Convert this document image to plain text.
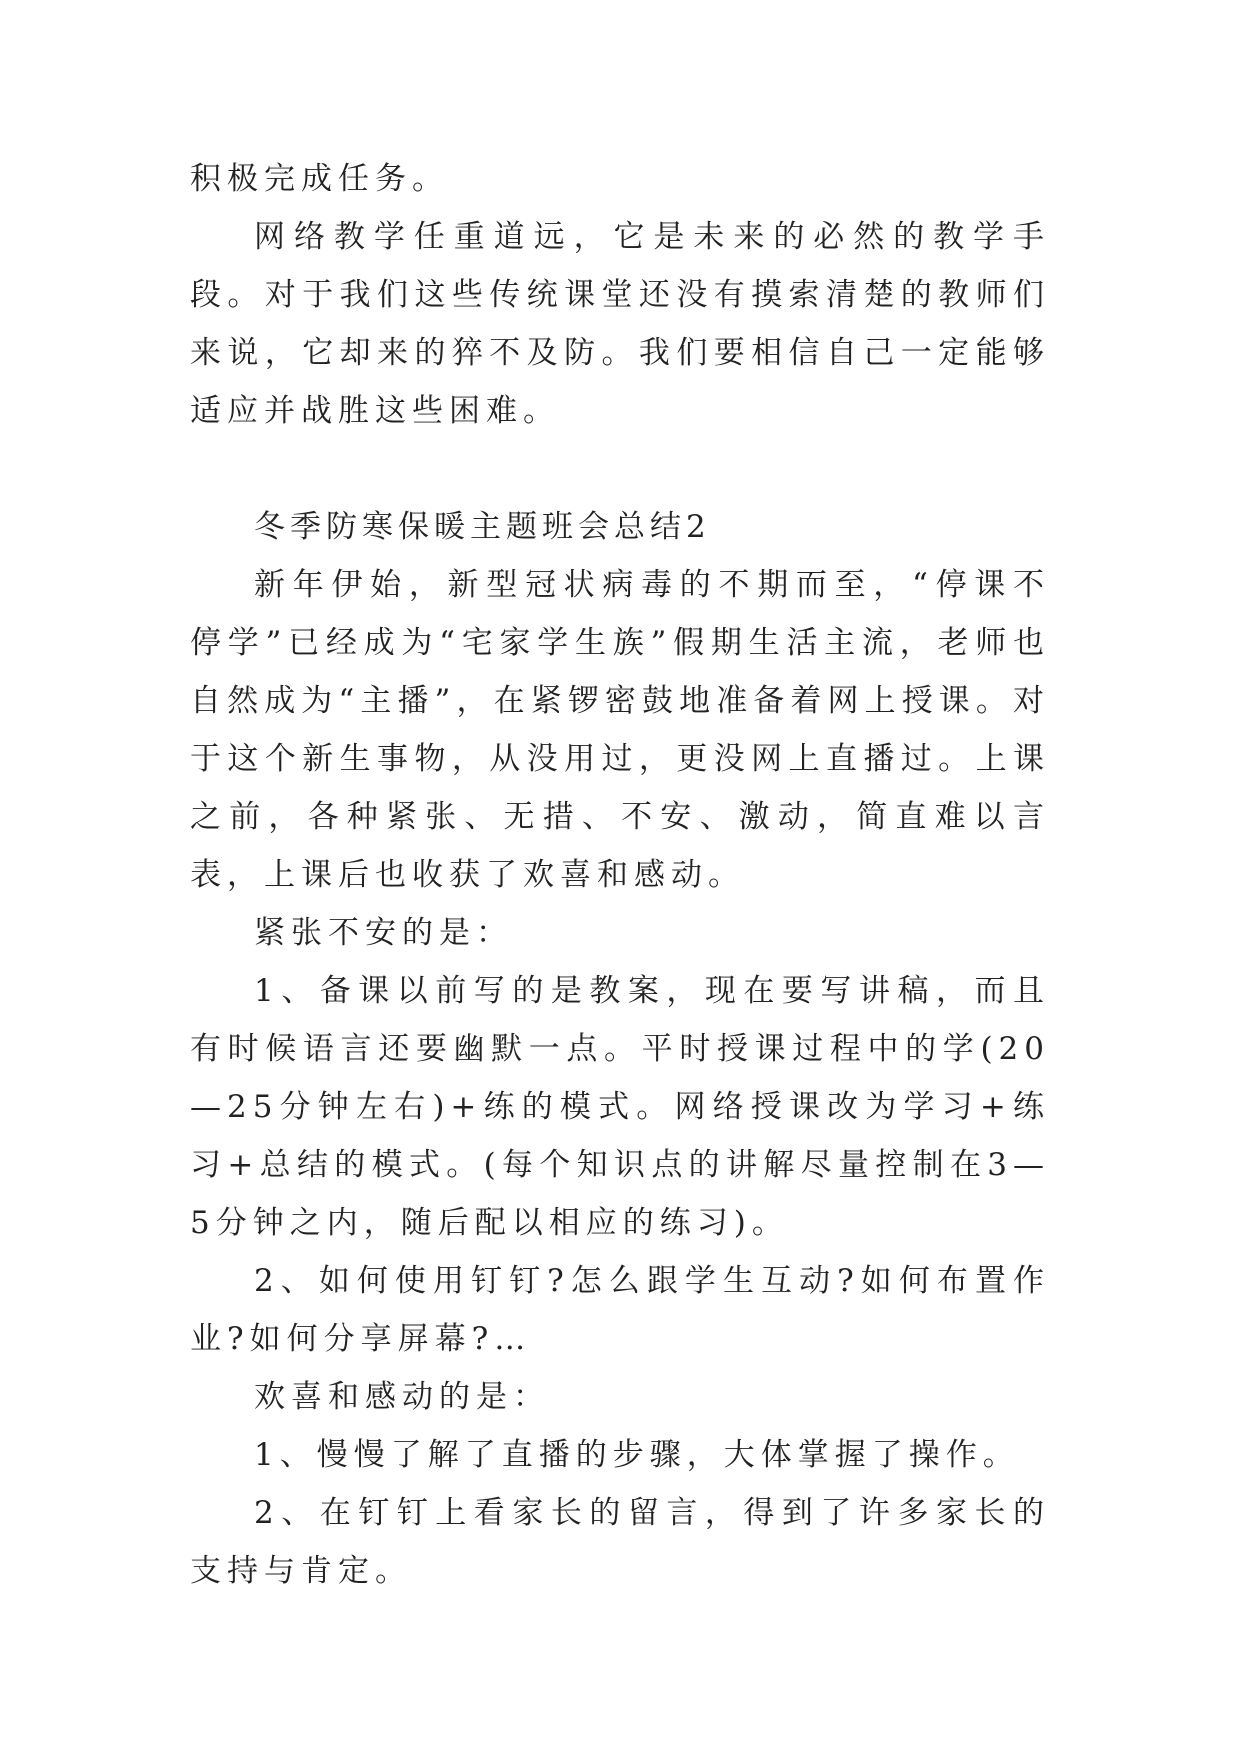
积极完成任务。

网络教学任重道远，它是未来的必然的教学手段。对于我们这些传统课堂还没有摸索清楚的教师们来说，它却来的猝不及防。我们要相信自己一定能够适应并战胜这些困难。

冬季防寒保暖主题班会总结2

新年伊始，新型冠状病毒的不期而至，“停课不停学”已经成为“宅家学生族”假期生活主流，老师也自然成为“主播”，在紧锣密鼓地准备着网上授课。对于这个新生事物，从没用过，更没网上直播过。上课之前，各种紧张、无措、不安、激动，简直难以言表，上课后也收获了欢喜和感动。

紧张不安的是：

1、备课以前写的是教案，现在要写讲稿，而且有时候语言还要幽默一点。平时授课过程中的学(20—25分钟左右)+练的模式。网络授课改为学习+练习+总结的模式。(每个知识点的讲解尽量控制在3—5分钟之内，随后配以相应的练习)。

2、如何使用钉钉?怎么跟学生互动?如何布置作业?如何分享屏幕?…

欢喜和感动的是：

1、慢慢了解了直播的步骤，大体掌握了操作。

2、在钉钉上看家长的留言，得到了许多家长的支持与肯定。
